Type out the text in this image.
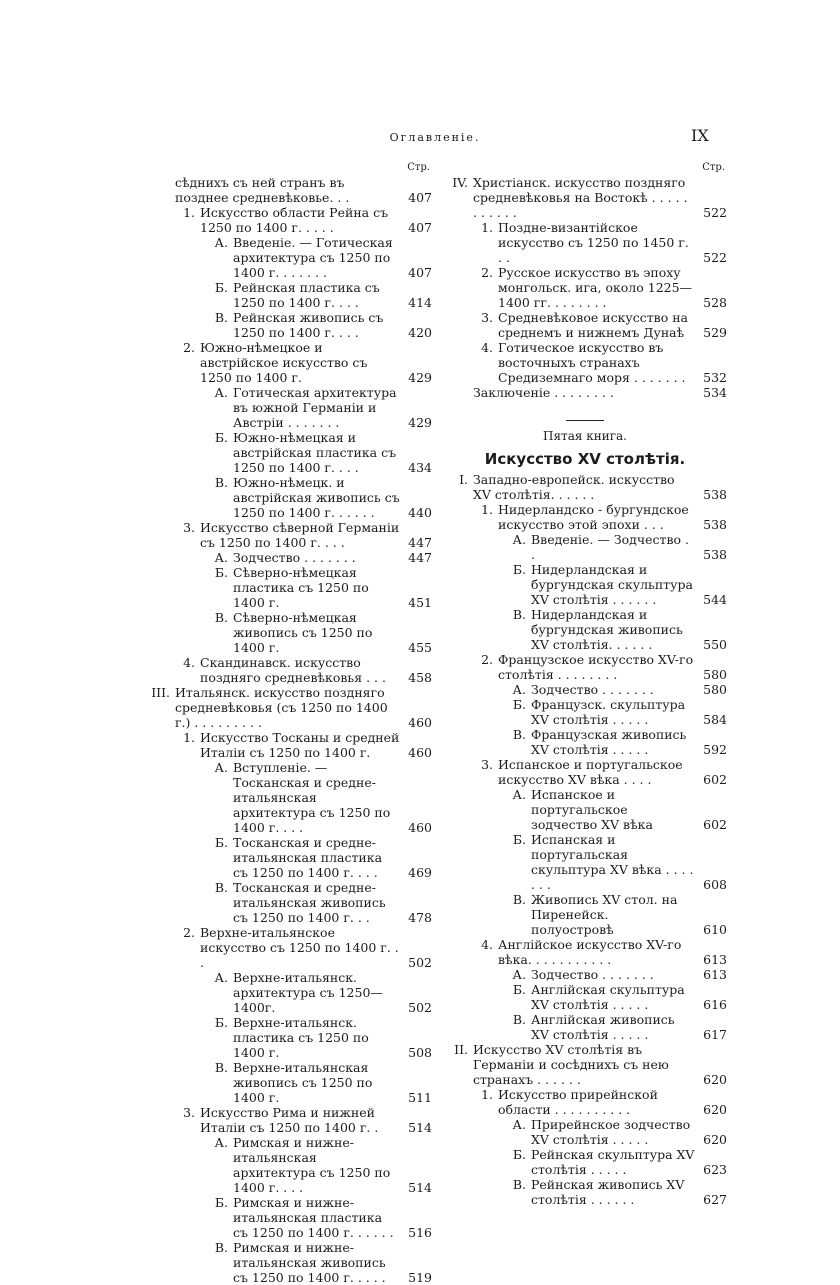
Оглавленіе.	IX
Стр.
сѣднихъ съ ней странъ въ позднее средневѣковье. . .	407
1. Искусство области Рейна съ 1250 по 1400 г. . . . .	407
А. Введеніе. — Готическая архитектура съ 1250 по 1400 г. . . . . . .	407
Б. Рейнская пластика съ 1250 по 1400 г. . . .	414
В. Рейнская живопись съ 1250 по 1400 г. . . .	420
2. Южно-нѣмецкое и австрійское искусство съ 1250 по 1400 г.	429
А. Готическая архитектура въ южной Германіи и Австріи . . . . . . .	429
Б. Южно-нѣмецкая и австрійская пластика съ 1250 по 1400 г. . . .	434
В. Южно-нѣмецк. и австрійская живопись съ 1250 по 1400 г. . . . . .	440
3. Искусство сѣверной Германіи съ 1250 по 1400 г. . . .	447
А. Зодчество . . . . . . .	447
Б. Сѣверно-нѣмецкая пластика съ 1250 по 1400 г.	451
В. Сѣверно-нѣмецкая живопись съ 1250 по 1400 г.	455
4. Скандинавск. искусство поздняго средневѣковья . . .	458
III. Итальянск. искусство поздняго средневѣковья (съ 1250 по 1400 г.) . . . . . . . . .	460
1. Искусство Тосканы и средней Италіи съ 1250 по 1400 г.	460
А. Вступленіе. — Тосканская и средне-итальянская архитектура съ 1250 по 1400 г. . . .	460
Б. Тосканская и средне-итальянская пластика съ 1250 по 1400 г. . . .	469
В. Тосканская и средне-итальянская живопись съ 1250 по 1400 г. . .	478
2. Верхне-итальянское искусство съ 1250 по 1400 г. . .	502
А. Верхне-итальянск. архитектура съ 1250—1400г.	502
Б. Верхне-итальянск. пластика съ 1250 по 1400 г.	508
В. Верхне-итальянская живопись съ 1250 по 1400 г.	511
3. Искусство Рима и нижней Италіи съ 1250 по 1400 г. .	514
А. Римская и нижне-итальянская архитектура съ 1250 по 1400 г. . . .	514
Б. Римская и нижне-итальянская пластика съ 1250 по 1400 г. . . . . .	516
В. Римская и нижне-итальянская живопись съ 1250 по 1400 г. . . . .	519
Стр.
IV. Христіанск. искусство поздняго средневѣковья на Востокѣ . . . . . . . . . . .	522
1. Поздне-византійское искусство съ 1250 по 1450 г. . .	522
2. Русское искусство въ эпоху монгольск. ига, около 1225—1400 гг. . . . . . . .	528
3. Средневѣковое искусство на среднемъ и нижнемъ Дунаѣ	529
4. Готическое искусство въ восточныхъ странахъ Средиземнаго моря . . . . . . .	532
Заключеніе . . . . . . . .	534
Пятая книга.
Искусство XV столѣтія.
I. Западно-европейск. искусство XV столѣтія. . . . . .	538
1. Нидерландско - бургундское искусство этой эпохи . . .	538
А. Введеніе. — Зодчество . .	538
Б. Нидерландская и бургундская скульптура XV столѣтія . . . . . .	544
В. Нидерландская и бургундская живопись XV столѣтія. . . . . .	550
2. Французское искусство XV-го столѣтія . . . . . . . .	580
А. Зодчество . . . . . . .	580
Б. Французск. скульптура XV столѣтія . . . . .	584
В. Французская живопись XV столѣтія . . . . .	592
3. Испанское и португальское искусство XV вѣка . . . .	602
А. Испанское и португальское зодчество XV вѣка	602
Б. Испанская и португальская скульптура XV вѣка . . . . . . .	608
В. Живопись XV стол. на Пиренейск. полуостровѣ	610
4. Англійское искусство XV-го вѣка. . . . . . . . . . .	613
А. Зодчество . . . . . . .	613
Б. Англійская скульптура XV столѣтія . . . . .	616
В. Англійская живопись XV столѣтія . . . . .	617
II. Искусство XV столѣтія въ Германіи и сосѣднихъ съ нею странахъ . . . . . .	620
1. Искусство прирейнской области . . . . . . . . . .	620
А. Прирейнское зодчество XV столѣтія . . . . .	620
Б. Рейнская скульптура XV столѣтія . . . . .	623
В. Рейнская живопись XV столѣтія . . . . . .	627
